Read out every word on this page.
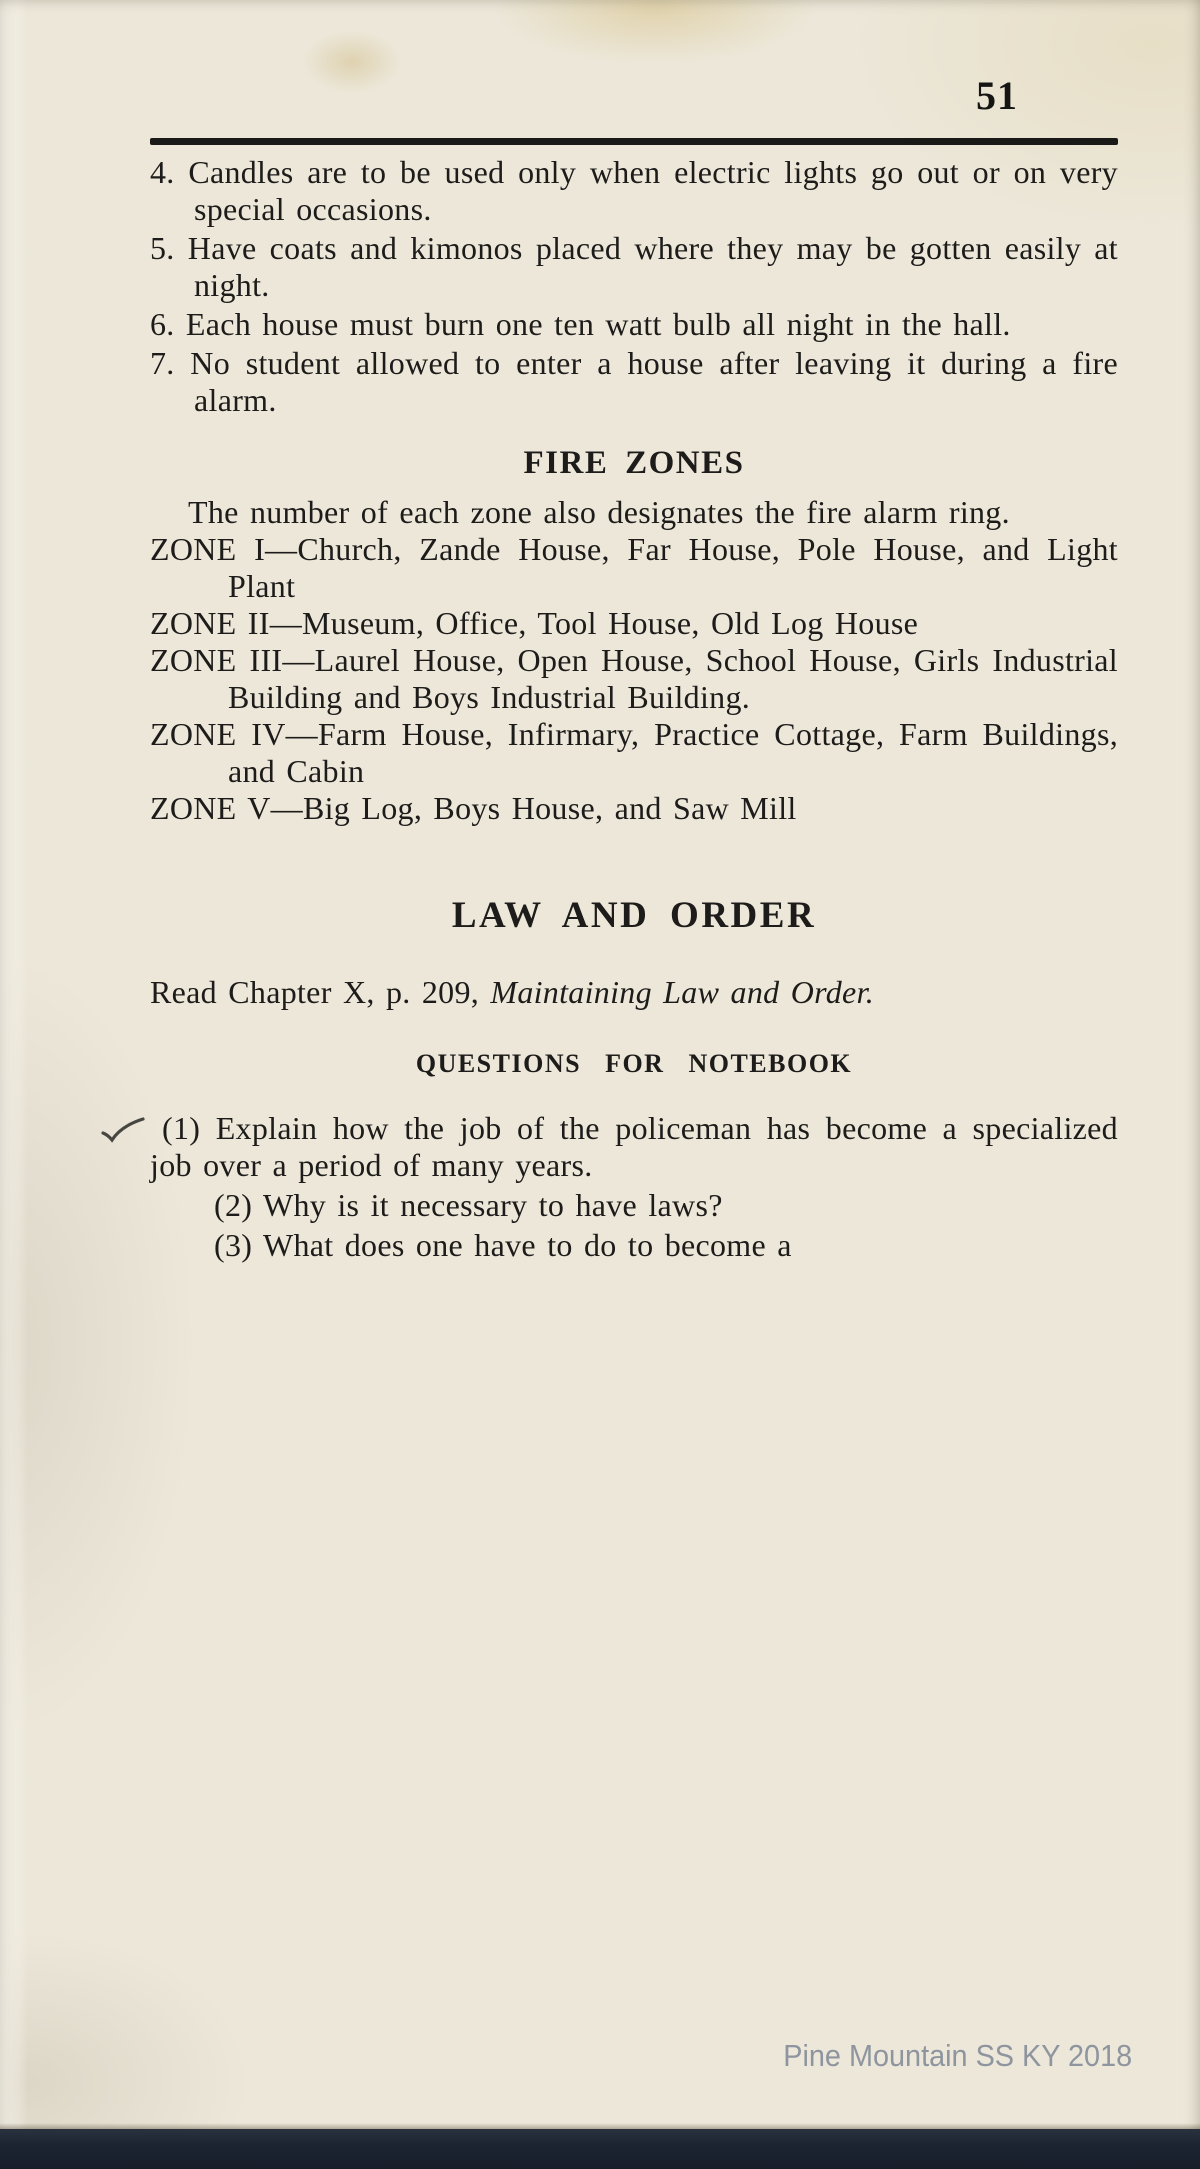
51

4. Candles are to be used only when electric lights go out or on very special occasions.

5. Have coats and kimonos placed where they may be gotten easily at night.

6. Each house must burn one ten watt bulb all night in the hall.

7. No student allowed to enter a house after leaving it during a fire alarm.

FIRE ZONES

The number of each zone also designates the fire alarm ring.

ZONE I—Church, Zande House, Far House, Pole House, and Light Plant

ZONE II—Museum, Office, Tool House, Old Log House

ZONE III—Laurel House, Open House, School House, Girls Industrial Building and Boys Industrial Building.

ZONE IV—Farm House, Infirmary, Practice Cottage, Farm Buildings, and Cabin

ZONE V—Big Log, Boys House, and Saw Mill

LAW AND ORDER

Read Chapter X, p. 209, Maintaining Law and Order.

QUESTIONS FOR NOTEBOOK

(1) Explain how the job of the policeman has become a specialized job over a period of many years.

(2) Why is it necessary to have laws?

(3) What does one have to do to become a

Pine Mountain SS KY 2018
